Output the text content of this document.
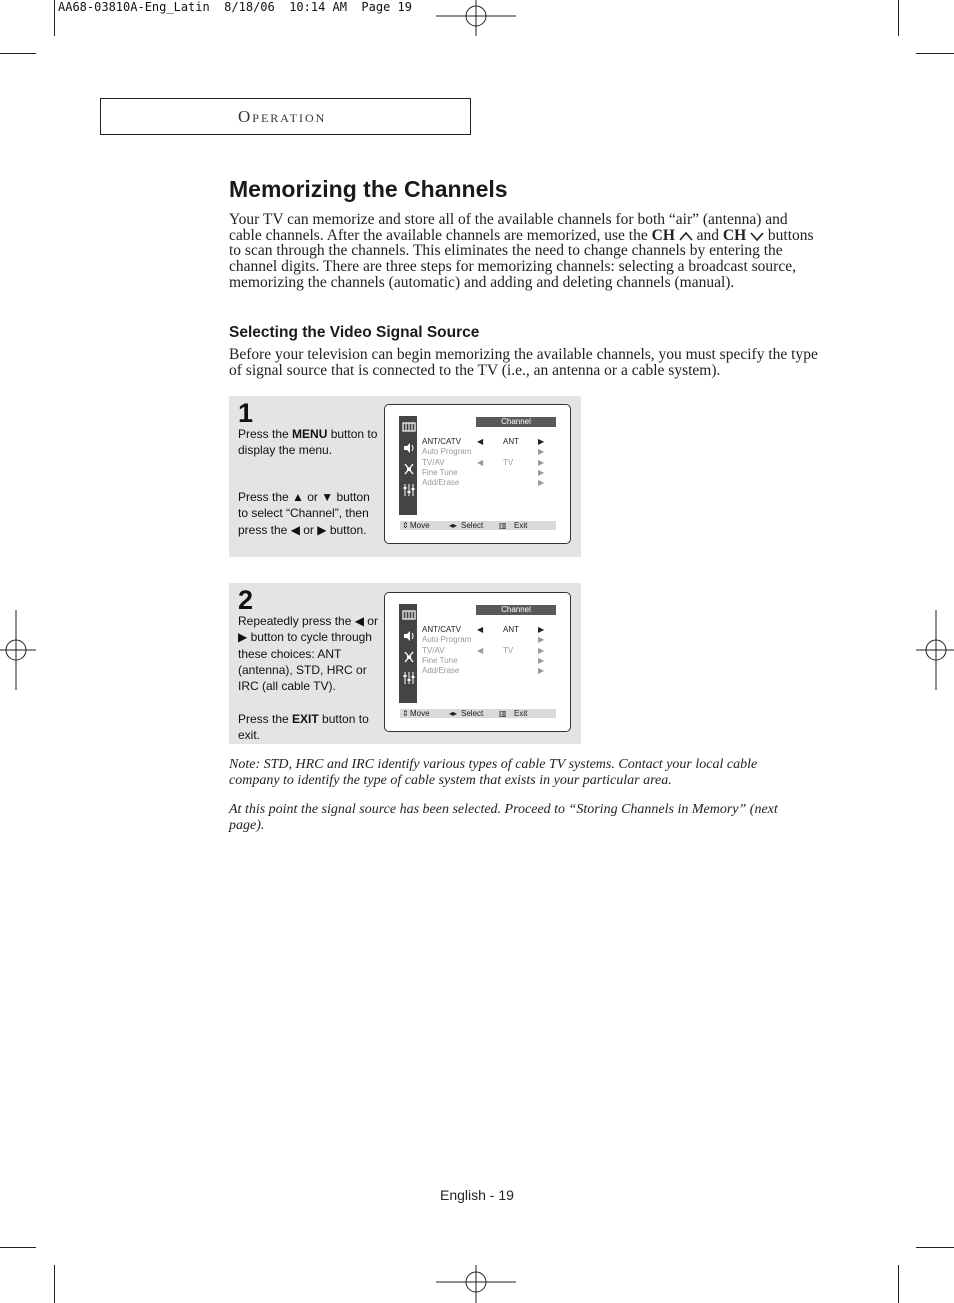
AA68-03810A-Eng_Latin  8/18/06  10:14 AM  Page 19
Operation
Memorizing the Channels
Your TV can memorize and store all of the available channels for both “air” (antenna) and cable channels. After the available channels are memorized, use the CH and CH buttons to scan through the channels. This eliminates the need to change channels by entering the channel digits. There are three steps for memorizing channels: selecting a broadcast source, memorizing the channels (automatic) and adding and deleting channels (manual).
Selecting the Video Signal Source
Before your television can begin memorizing the available channels, you must specify the type of signal source that is connected to the TV (i.e., an antenna or a cable system).
1
Press the MENU button to display the menu.
Press the ▲ or ▼ button to select “Channel”, then press the ◀ or ▶ button.
Channel
ANT/CATV ◀ ANT ▶
Auto Program	▶
TV/AV	◀ TV	▶
Fine Tune	▶
Add/Erase	▶
⇕ Move ◂▸ Select ▥ Exit
2
Repeatedly press the ◀ or ▶ button to cycle through these choices: ANT (antenna), STD, HRC or IRC (all cable TV).
Press the EXIT button to exit.
Channel
ANT/CATV ◀ ANT ▶
Auto Program	▶
TV/AV	◀ TV	▶
Fine Tune	▶
Add/Erase	▶
⇕ Move ◂▸ Select ▥ Exit
Note: STD, HRC and IRC identify various types of cable TV systems. Contact your local cable company to identify the type of cable system that exists in your particular area.
At this point the signal source has been selected. Proceed to “Storing Channels in Memory” (next page).
English - 19
